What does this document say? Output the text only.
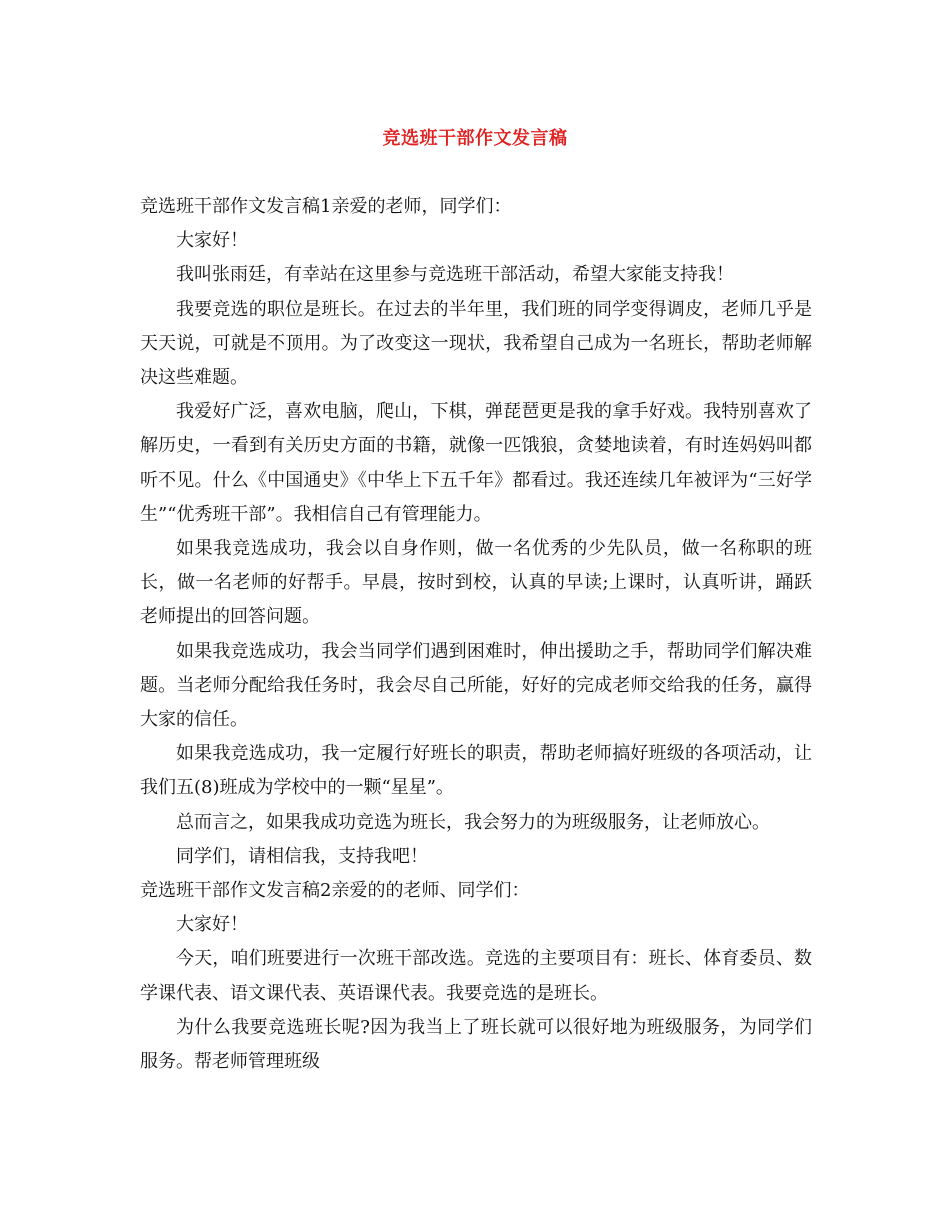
竞选班干部作文发言稿

竞选班干部作文发言稿1亲爱的老师，同学们：

大家好！

我叫张雨廷，有幸站在这里参与竞选班干部活动，希望大家能支持我！

我要竞选的职位是班长。在过去的半年里，我们班的同学变得调皮，老师几乎是天天说，可就是不顶用。为了改变这一现状，我希望自己成为一名班长，帮助老师解决这些难题。

我爱好广泛，喜欢电脑，爬山，下棋，弹琵琶更是我的拿手好戏。我特别喜欢了解历史，一看到有关历史方面的书籍，就像一匹饿狼，贪婪地读着，有时连妈妈叫都听不见。什么《中国通史》《中华上下五千年》都看过。我还连续几年被评为“三好学生”“优秀班干部”。我相信自己有管理能力。

如果我竞选成功，我会以自身作则，做一名优秀的少先队员，做一名称职的班长，做一名老师的好帮手。早晨，按时到校，认真的早读;上课时，认真听讲，踊跃老师提出的回答问题。

如果我竞选成功，我会当同学们遇到困难时，伸出援助之手，帮助同学们解决难题。当老师分配给我任务时，我会尽自己所能，好好的完成老师交给我的任务，赢得大家的信任。

如果我竞选成功，我一定履行好班长的职责，帮助老师搞好班级的各项活动，让我们五(8)班成为学校中的一颗“星星”。

总而言之，如果我成功竞选为班长，我会努力的为班级服务，让老师放心。

同学们，请相信我，支持我吧！

竞选班干部作文发言稿2亲爱的的老师、同学们：

大家好！

今天，咱们班要进行一次班干部改选。竞选的主要项目有：班长、体育委员、数学课代表、语文课代表、英语课代表。我要竞选的是班长。

为什么我要竞选班长呢?因为我当上了班长就可以很好地为班级服务，为同学们服务。帮老师管理班级
